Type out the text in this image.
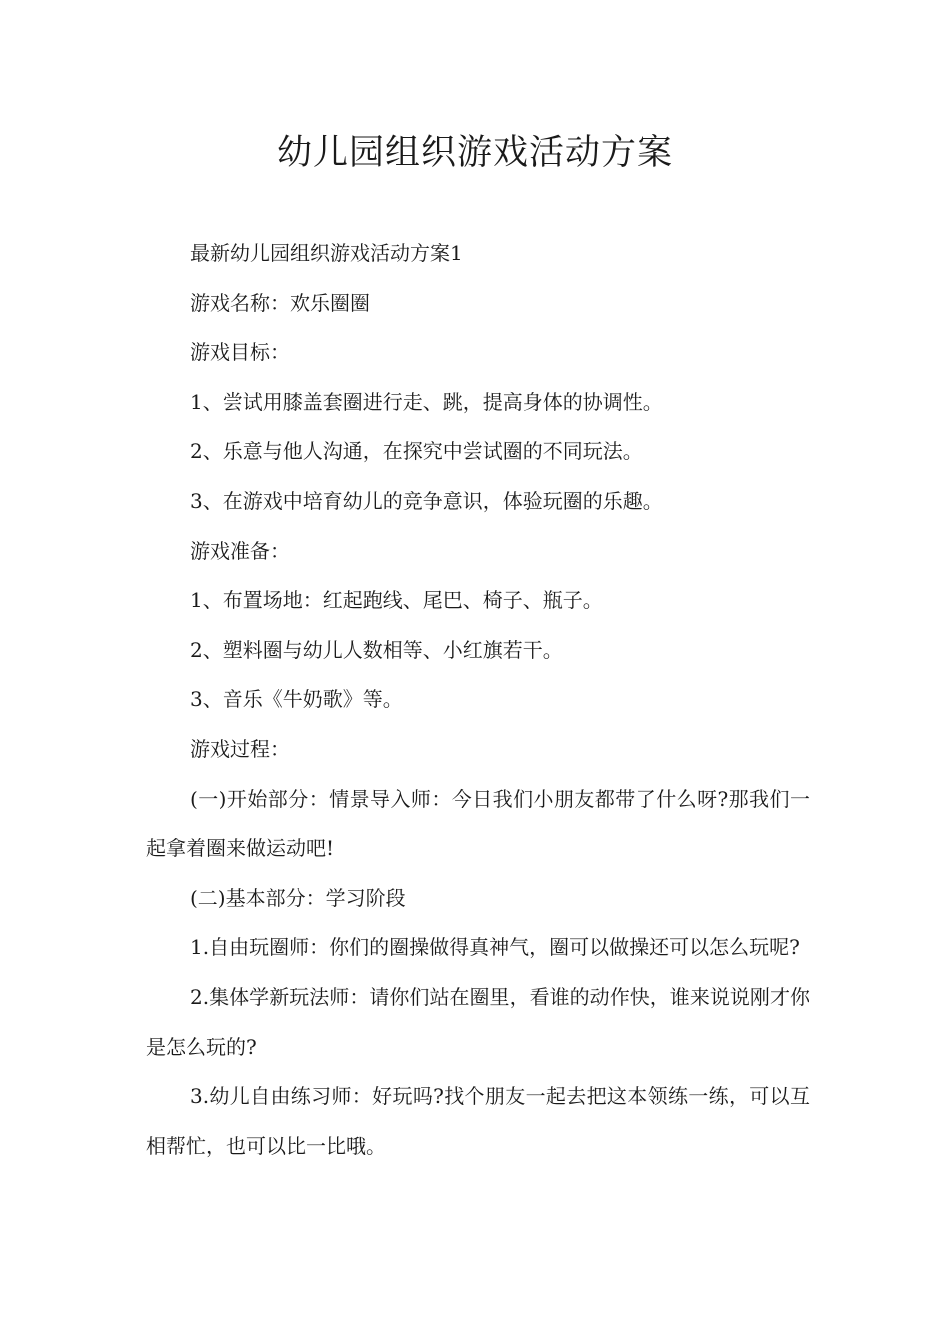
幼儿园组织游戏活动方案

最新幼儿园组织游戏活动方案1

游戏名称：欢乐圈圈

游戏目标：

1、尝试用膝盖套圈进行走、跳，提高身体的协调性。

2、乐意与他人沟通，在探究中尝试圈的不同玩法。

3、在游戏中培育幼儿的竞争意识，体验玩圈的乐趣。

游戏准备：

1、布置场地：红起跑线、尾巴、椅子、瓶子。

2、塑料圈与幼儿人数相等、小红旗若干。

3、音乐《牛奶歌》等。

游戏过程：

(一)开始部分：情景导入师：今日我们小朋友都带了什么呀?那我们一起拿着圈来做运动吧!

(二)基本部分：学习阶段

1.自由玩圈师：你们的圈操做得真神气，圈可以做操还可以怎么玩呢?

2.集体学新玩法师：请你们站在圈里，看谁的动作快，谁来说说刚才你是怎么玩的?

3.幼儿自由练习师：好玩吗?找个朋友一起去把这本领练一练，可以互相帮忙，也可以比一比哦。
